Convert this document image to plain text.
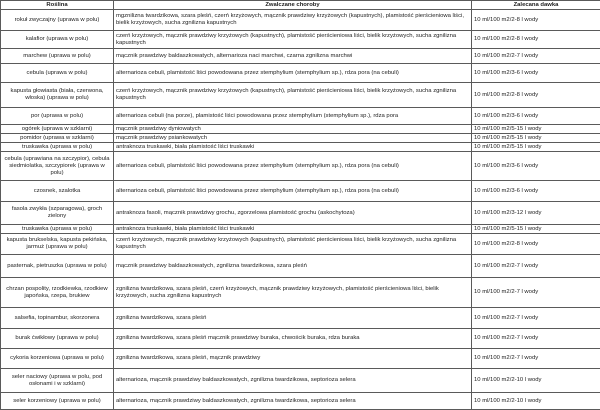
Roślina	Zwalczane choroby	Zalecana dawka
rokuł zwyczajny (uprawa w polu)	mgznilizna twardzikowa, szara pleśń, czerń krzyżowych, mącznik prawdziwy krzyżowych (kapustnych), plamistość pierścieniowa liści, bielik krzyżowych, sucha zgnilizna kapustnych	10 ml/100 m2/2-8 l wody
kalafior (uprawa w polu)	czerń krzyżowych, mącznik prawdziwy krzyżowych (kapustnych), plamistość pierścieniowa liści, bielik krzyżowych, sucha zgnilizna kapustnych	10 ml/100 m2/2-8 l wody
marchew (uprawa w polu)	mącznik prawdziwy baldaszkowatych, alternarioza naci marchwi, czarna zgnilizna marchwi	10 ml/100 m2/2-7 l wody
cebula (uprawa w polu)	alternarioza cebuli, plamistość liści powodowana przez stemphylium (stemphylium sp.), rdza pora (na cebuli)	10 ml/100 m2/3-6 l wody
kapusta głowiasta (biała, czerwona, włoska) (uprawa w polu)	czerń krzyżowych, mącznik prawdziwy krzyżowych (kapustnych), plamistość pierścieniowa liści, bielik krzyżowych, sucha zgnilizna kapustnych	10 ml/100 m2/2-8 l wody
por (uprawa w polu)	alternarioza cebuli (na porze), plamistość liści powodowana przez stemphylium (stemphylium sp.), rdza pora	10 ml/100 m2/3-6 l wody
ogórek (uprawa w szklarni)	mącznik prawdziwy dyniowatych	10 ml/100 m2/5-15 l wody
pomidor (uprawa w szklarni)	mącznik prawdziwy psiankowatych	10 ml/100 m2/5-15 l wody
truskawka (uprawa w polu)	antraknoza truskawki, biała plamistość liści truskawki	10 ml/100 m2/5-15 l wody
cebula (uprawiana na szczypior), cebula siedmiolatka, szczypiorek (uprawa w polu)	alternarioza cebuli, plamistość liści powodowana przez stemphylium (stemphylium sp.), rdza pora (na cebuli)	10 ml/100 m2/3-6 l wody
czosnek, szalotka	alternarioza cebuli, plamistość liści powodowana przez stemphylium (stemphylium sp.), rdza pora (na cebuli)	10 ml/100 m2/3-6 l wody
fasola zwykła (szparagowa), groch zielony	antraknoza fasoli, mącznik prawdziwy grochu, zgorzelowa plamistość grochu (askochytoza)	10 ml/100 m2/3-12 l wody
truskawka (uprawa w polu)	antraknoza truskawki, biała plamistość liści truskawki	10 ml/100 m2/5-15 l wody
kapusta brukselska, kapusta pekińska, jarmuż (uprawa w polu)	czerń krzyżowych, mącznik prawdziwy krzyżowych (kapustnych), plamistość pierścieniowa liści, bielik krzyżowych, sucha zgnilizna kapustnych	10 ml/100 m2/2-8 l wody
pasternak, pietruszka (uprawa w polu)	mącznik prawdziwy baldaszkowatych, zgnilizna twardzikowa, szara pleśń	10 ml/100 m2/2-7 l wody
chrzan pospolity, rzodkiewka, rzodkiew japońska, rzepa, brukiew	zgnilizna twardzikowa, szara pleśń, czerń krzyżowych, mącznik prawdziwy krzyżowych, plamistość pierścieniowa liści, bielik krzyżowych, sucha zgnilizna kapustnych	10 ml/100 m2/2-7 l wody
salsefia, topinambur, skorzonera	zgnilizna twardzikowa, szara pleśń	10 ml/100 m2/2-7 l wody
burak ćwikłowy (uprawa w polu)	zgnilizna twardzikowa, szara pleśń mącznik prawdziwy buraka, chwościk buraka, rdza buraka	10 ml/100 m2/2-7 l wody
cykoria korzeniowa (uprawa w polu)	zgnilizna twardzikowa, szara pleśń, mącznik prawdziwy	10 ml/100 m2/2-7 l wody
seler naciowy (uprawa w polu, pod osłonami i w szklarni)	alternarioza, mącznik prawdziwy baldaszkowatych, zgnilizna twardzikowa, septorioza selera	10 ml/100 m2/2-10 l wody
seler korzeniowy (uprawa w polu)	alternarioza, mącznik prawdziwy baldaszkowatych, zgnilizna twardzikowa, septorioza selera	10 ml/100 m2/2-10 l wody
